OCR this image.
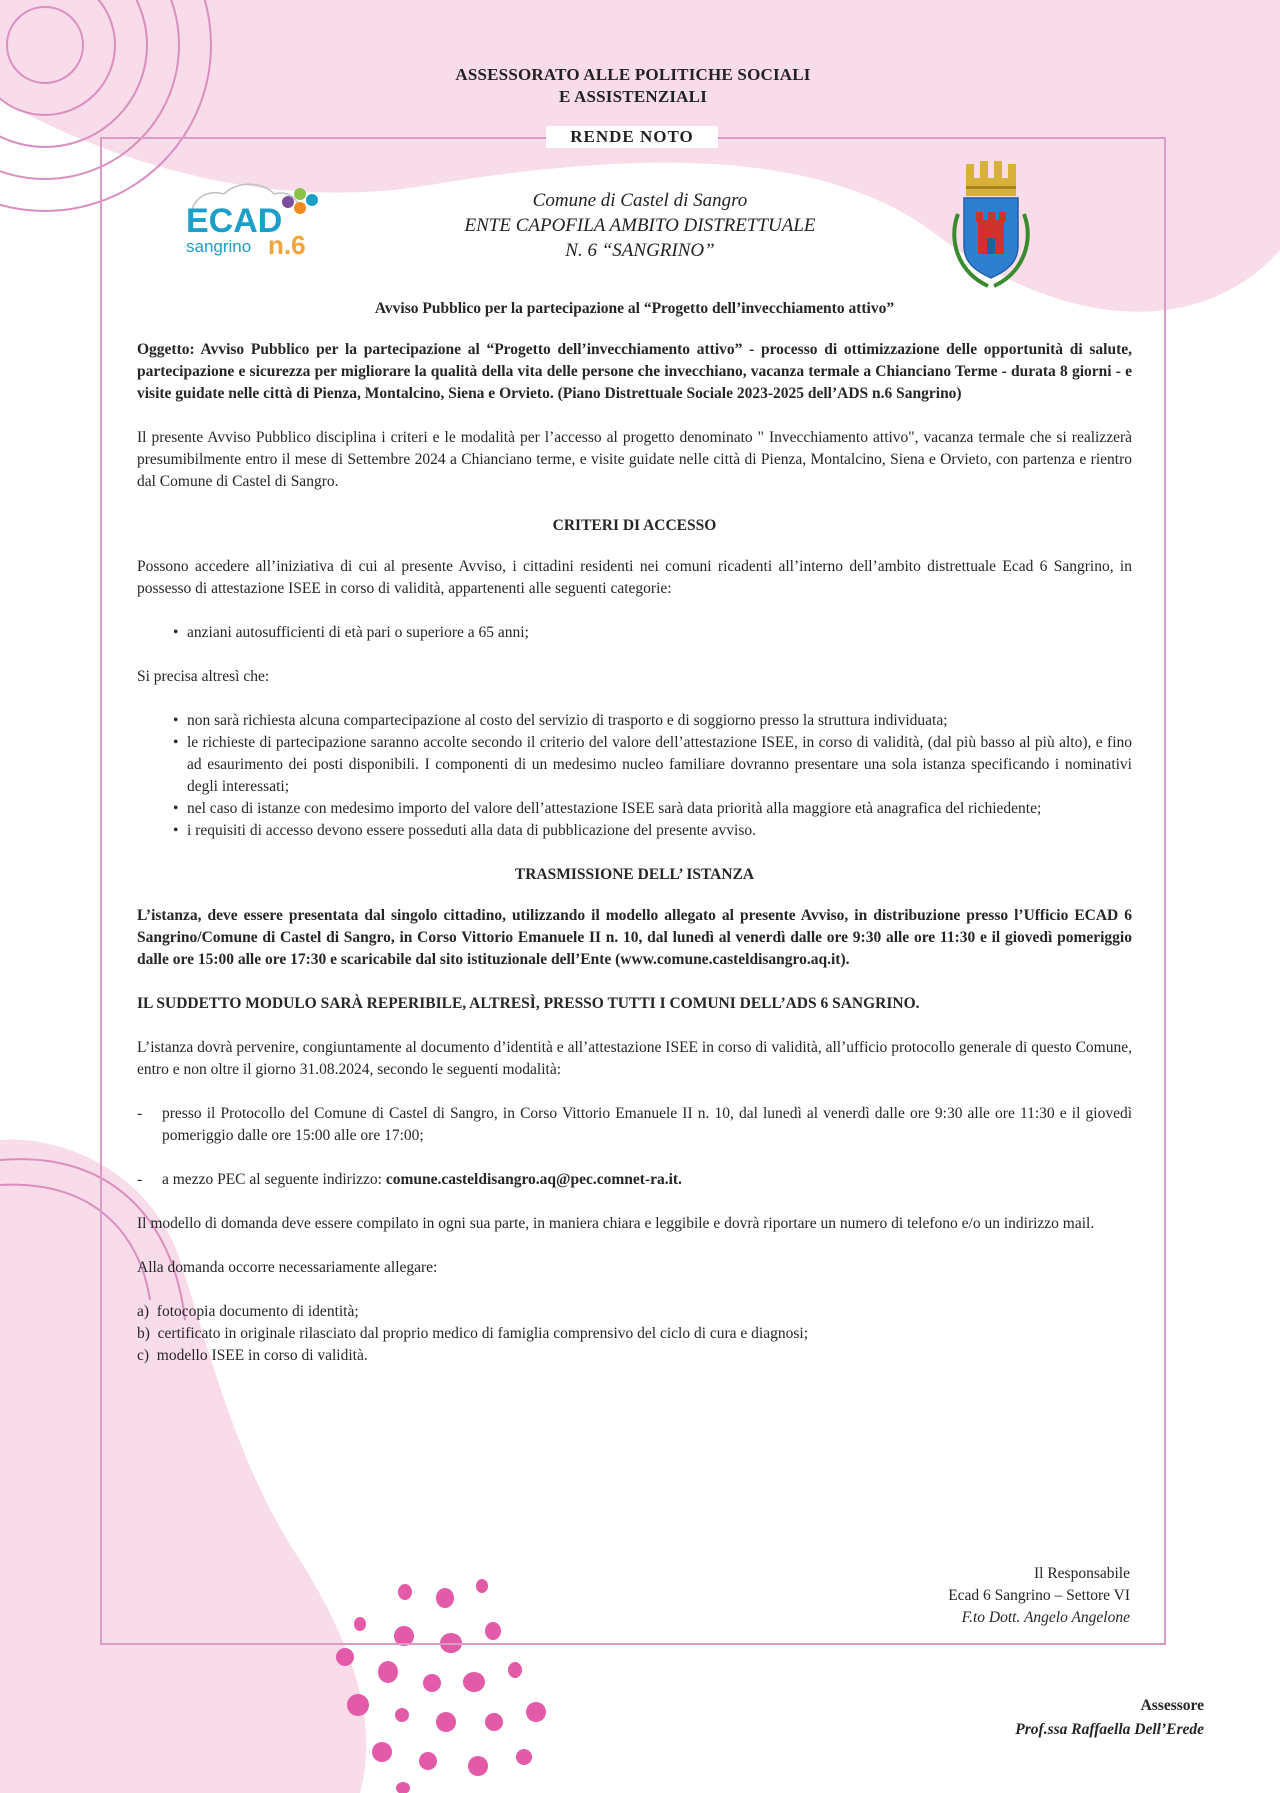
ASSESSORATO ALLE POLITICHE SOCIALI
E ASSISTENZIALI
RENDE NOTO
ECAD
sangrino n.6
Comune di Castel di Sangro
ENTE CAPOFILA AMBITO DISTRETTUALE
N. 6 “SANGRINO”

Avviso Pubblico per la partecipazione al “Progetto dell’invecchiamento attivo”

Oggetto: Avviso Pubblico per la partecipazione al “Progetto dell’invecchiamento attivo” - processo di ottimizzazione delle opportunità di salute, partecipazione e sicurezza per migliorare la qualità della vita delle persone che invecchiano, vacanza termale a Chianciano Terme - durata 8 giorni - e visite guidate nelle città di Pienza, Montalcino, Siena e Orvieto. (Piano Distrettuale Sociale 2023-2025 dell’ADS n.6 Sangrino)

Il presente Avviso Pubblico disciplina i criteri e le modalità per l’accesso al progetto denominato " Invecchiamento attivo", vacanza termale che si realizzerà presumibilmente entro il mese di Settembre 2024 a Chianciano terme, e visite guidate nelle città di Pienza, Montalcino, Siena e Orvieto, con partenza e rientro dal Comune di Castel di Sangro.

CRITERI DI ACCESSO

Possono accedere all’iniziativa di cui al presente Avviso, i cittadini residenti nei comuni ricadenti all’interno dell’ambito distrettuale Ecad 6 Sangrino, in possesso di attestazione ISEE in corso di validità, appartenenti alle seguenti categorie:

• anziani autosufficienti di età pari o superiore a 65 anni;

Si precisa altresì che:

• non sarà richiesta alcuna compartecipazione al costo del servizio di trasporto e di soggiorno presso la struttura individuata;
• le richieste di partecipazione saranno accolte secondo il criterio del valore dell’attestazione ISEE, in corso di validità, (dal più basso al più alto), e fino ad esaurimento dei posti disponibili. I componenti di un medesimo nucleo familiare dovranno presentare una sola istanza specificando i nominativi degli interessati;
• nel caso di istanze con medesimo importo del valore dell’attestazione ISEE sarà data priorità alla maggiore età anagrafica del richiedente;
• i requisiti di accesso devono essere posseduti alla data di pubblicazione del presente avviso.

TRASMISSIONE DELL’ ISTANZA

L’istanza, deve essere presentata dal singolo cittadino, utilizzando il modello allegato al presente Avviso, in distribuzione presso l’Ufficio ECAD 6 Sangrino/Comune di Castel di Sangro, in Corso Vittorio Emanuele II n. 10, dal lunedì al venerdì dalle ore 9:30 alle ore 11:30 e il giovedì pomeriggio dalle ore 15:00 alle ore 17:30 e scaricabile dal sito istituzionale dell’Ente (www.comune.casteldisangro.aq.it).

IL SUDDETTO MODULO SARÀ REPERIBILE, ALTRESÌ, PRESSO TUTTI I COMUNI DELL’ADS 6 SANGRINO.

L’istanza dovrà pervenire, congiuntamente al documento d’identità e all’attestazione ISEE in corso di validità, all’ufficio protocollo generale di questo Comune, entro e non oltre il giorno 31.08.2024, secondo le seguenti modalità:

- presso il Protocollo del Comune di Castel di Sangro, in Corso Vittorio Emanuele II n. 10, dal lunedì al venerdì dalle ore 9:30 alle ore 11:30 e il giovedì pomeriggio dalle ore 15:00 alle ore 17:00;

- a mezzo PEC al seguente indirizzo: comune.casteldisangro.aq@pec.comnet-ra.it.

Il modello di domanda deve essere compilato in ogni sua parte, in maniera chiara e leggibile e dovrà riportare un numero di telefono e/o un indirizzo mail.

Alla domanda occorre necessariamente allegare:

a)  fotocopia documento di identità;

b)  certificato in originale rilasciato dal proprio medico di famiglia comprensivo del ciclo di cura e diagnosi;

c)  modello ISEE in corso di validità.

Il Responsabile
Ecad 6 Sangrino – Settore VI
F.to Dott. Angelo Angelone
Assessore
Prof.ssa Raffaella Dell’Erede
